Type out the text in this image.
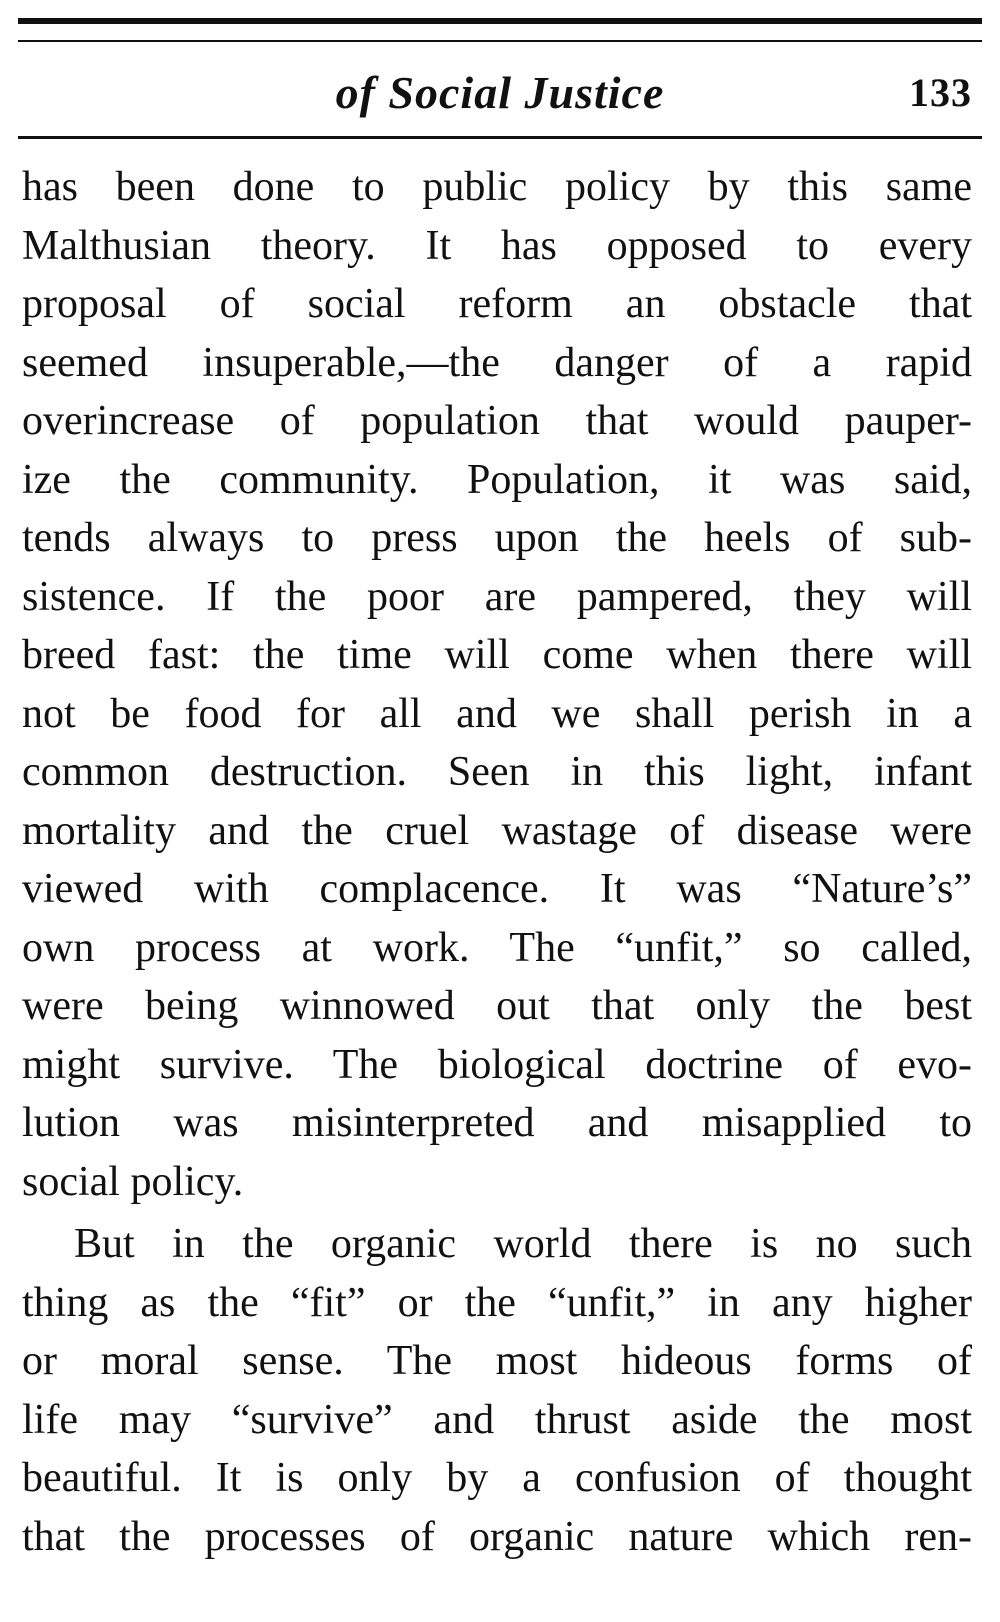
of Social Justice	133
has been done to public policy by this same
Malthusian theory. It has opposed to every
proposal of social reform an obstacle that
seemed insuperable,—the danger of a rapid
overincrease of population that would pauper-
ize the community. Population, it was said,
tends always to press upon the heels of sub-
sistence. If the poor are pampered, they will
breed fast: the time will come when there will
not be food for all and we shall perish in a
common destruction. Seen in this light, infant
mortality and the cruel wastage of disease were
viewed with complacence. It was “Nature’s”
own process at work. The “unfit,” so called,
were being winnowed out that only the best
might survive. The biological doctrine of evo-
lution was misinterpreted and misapplied to
social policy.
But in the organic world there is no such
thing as the “fit” or the “unfit,” in any higher
or moral sense. The most hideous forms of
life may “survive” and thrust aside the most
beautiful. It is only by a confusion of thought
that the processes of organic nature which ren-
